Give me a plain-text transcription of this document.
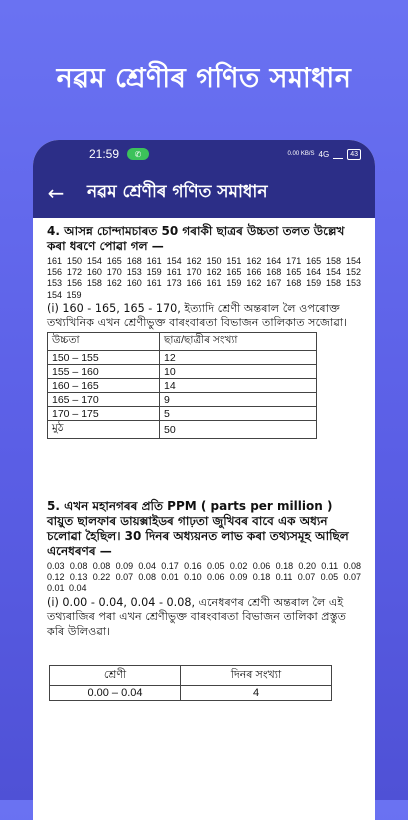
নৱম শ্ৰেণীৰ গণিত সমাধান
21:59	✆	0.00 KB/S 4G	43
←	নৱম শ্ৰেণীৰ গণিত সমাধান
4. আসন্ন চোন্দামচাৰত 50 গৰাকী ছাত্ৰৰ উচ্চতা তলত উল্লেখ কৰা ধৰণে পোৱা গল —
161 150 154 165 168 161 154 162 150 151 162 164 171 165 158 154 156 172 160 170 153 159 161 170 162 165 166 168 165 164 154 152 153 156 158 162 160 161 173 166 161 159 162 167 168 159 158 153 154 159
(i) 160 - 165, 165 - 170, ইত্যাদি শ্ৰেণী অন্তৰাল লৈ ওপৰোক্ত তথ্যখিনিক এখন শ্ৰেণীভুক্ত বাৰংবাৰতা বিভাজন তালিকাত সজোৱা।
উচ্চতা	ছাত্ৰ/ছাত্ৰীৰ সংখ্যা
150 – 155	12
155 – 160	10
160 – 165	14
165 – 170	9
170 – 175	5
মুঠ	50
5. এখন মহানগৰৰ প্ৰতি PPM ( parts per million ) বায়ুত ছালফাৰ ডায়ক্সাইডৰ গাঢ়তা জুখিবৰ বাবে এক অধ্যন চলোৱা হৈছিল। 30 দিনৰ অধ্যয়নত লাভ কৰা তথ্যসমূহ আছিল এনেধৰণৰ —
0.03 0.08 0.08 0.09 0.04 0.17 0.16 0.05 0.02 0.06 0.18 0.20 0.11 0.08 0.12 0.13 0.22 0.07 0.08 0.01 0.10 0.06 0.09 0.18 0.11 0.07 0.05 0.07 0.01 0.04
(i) 0.00 - 0.04, 0.04 - 0.08, এনেধৰণৰ শ্ৰেণী অন্তৰাল লৈ এই তথ্যৰাজিৰ পৰা এখন শ্ৰেণীভুক্ত বাৰংবাৰতা বিভাজন তালিকা প্ৰস্তুত কৰি উলিওৱা।
শ্ৰেণী	দিনৰ সংখ্যা
0.00 – 0.04	4
